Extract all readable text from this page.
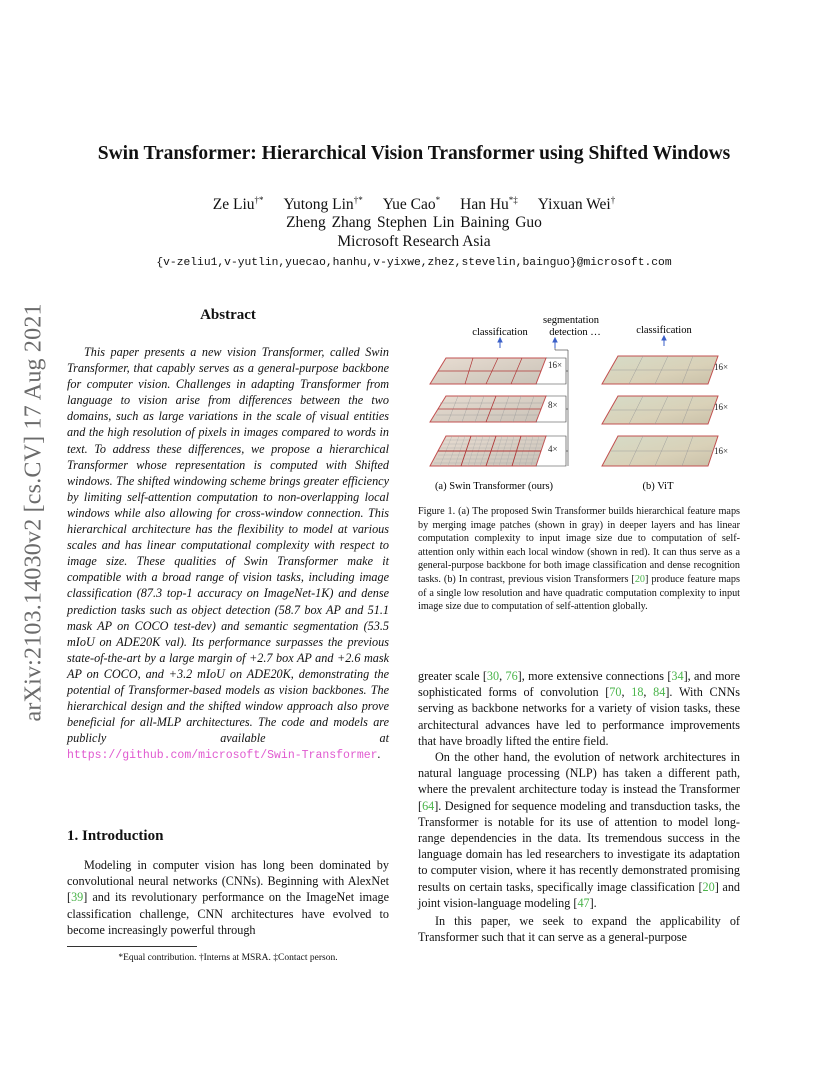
arXiv:2103.14030v2 [cs.CV] 17 Aug 2021
Swin Transformer: Hierarchical Vision Transformer using Shifted Windows
Ze Liu†* Yutong Lin†* Yue Cao* Han Hu*‡ Yixuan Wei†
Zheng Zhang Stephen Lin Baining Guo
Microsoft Research Asia
{v-zeliu1,v-yutlin,yuecao,hanhu,v-yixwe,zhez,stevelin,bainguo}@microsoft.com
Abstract
This paper presents a new vision Transformer, called Swin Transformer, that capably serves as a general-purpose backbone for computer vision. Challenges in adapting Transformer from language to vision arise from differences between the two domains, such as large variations in the scale of visual entities and the high resolution of pixels in images compared to words in text. To address these differences, we propose a hierarchical Transformer whose representation is computed with Shifted windows. The shifted windowing scheme brings greater efficiency by limiting self-attention computation to non-overlapping local windows while also allowing for cross-window connection. This hierarchical architecture has the flexibility to model at various scales and has linear computational complexity with respect to image size. These qualities of Swin Transformer make it compatible with a broad range of vision tasks, including image classification (87.3 top-1 accuracy on ImageNet-1K) and dense prediction tasks such as object detection (58.7 box AP and 51.1 mask AP on COCO test-dev) and semantic segmentation (53.5 mIoU on ADE20K val). Its performance surpasses the previous state-of-the-art by a large margin of +2.7 box AP and +2.6 mask AP on COCO, and +3.2 mIoU on ADE20K, demonstrating the potential of Transformer-based models as vision backbones. The hierarchical design and the shifted window approach also prove beneficial for all-MLP architectures. The code and models are publicly available at https://github.com/microsoft/Swin-Transformer.
1. Introduction

Modeling in computer vision has long been dominated by convolutional neural networks (CNNs). Beginning with AlexNet [39] and its revolutionary performance on the ImageNet image classification challenge, CNN architectures have evolved to become increasingly powerful through

*Equal contribution. †Interns at MSRA. ‡Contact person.
classification
segmentation
detection …	classification
16×
8×
4×
16×
16×
16×
(a) Swin Transformer (ours)	(b) ViT
Figure 1. (a) The proposed Swin Transformer builds hierarchical feature maps by merging image patches (shown in gray) in deeper layers and has linear computation complexity to input image size due to computation of self-attention only within each local window (shown in red). It can thus serve as a general-purpose backbone for both image classification and dense recognition tasks. (b) In contrast, previous vision Transformers [20] produce feature maps of a single low resolution and have quadratic computation complexity to input image size due to computation of self-attention globally.

greater scale [30, 76], more extensive connections [34], and more sophisticated forms of convolution [70, 18, 84]. With CNNs serving as backbone networks for a variety of vision tasks, these architectural advances have led to performance improvements that have broadly lifted the entire field.

On the other hand, the evolution of network architectures in natural language processing (NLP) has taken a different path, where the prevalent architecture today is instead the Transformer [64]. Designed for sequence modeling and transduction tasks, the Transformer is notable for its use of attention to model long-range dependencies in the data. Its tremendous success in the language domain has led researchers to investigate its adaptation to computer vision, where it has recently demonstrated promising results on certain tasks, specifically image classification [20] and joint vision-language modeling [47].

In this paper, we seek to expand the applicability of Transformer such that it can serve as a general-purpose
